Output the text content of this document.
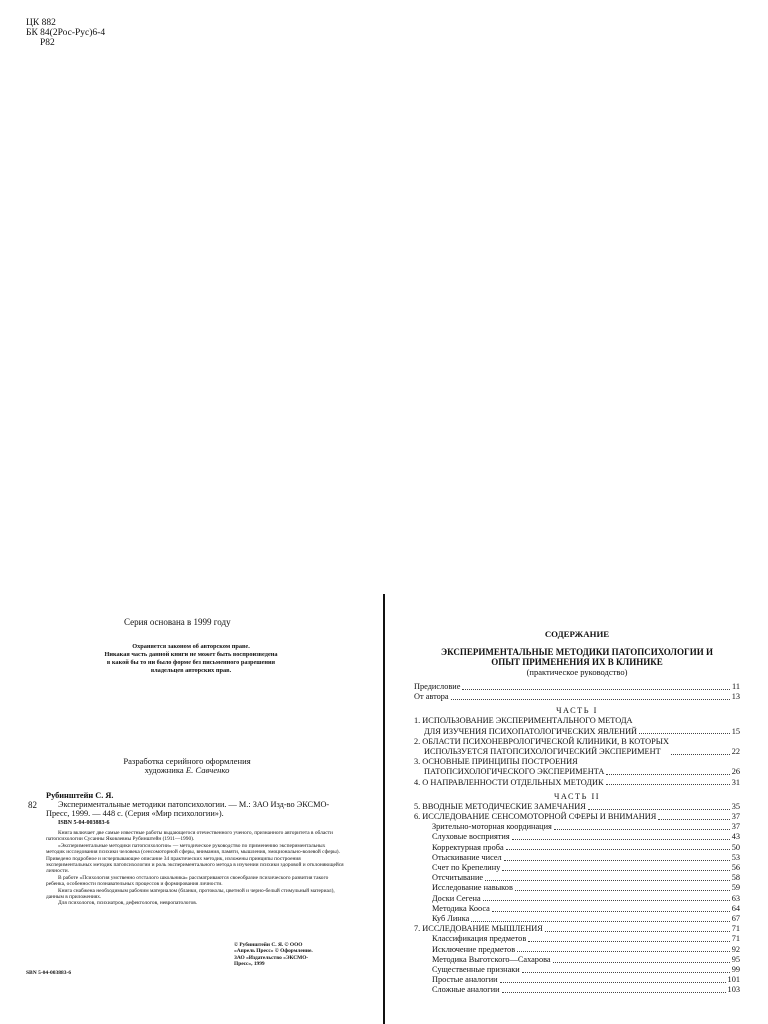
ЦК 882
БК 84(2Рос-Рус)6-4
Р82
Серия основана в 1999 году
Охраняется законом об авторском праве.
Никакая часть данной книги не может быть воспроизведена
в какой бы то ни было форме без письменного разрешения
владельцев авторских прав.
Разработка серийного оформления
художника Е. Савченко
82
Рубинштейн С. Я.
Экспериментальные методики патопсихологии. — М.: ЗАО Изд-во ЭКСМО-Пресс, 1999. — 448 с. (Серия «Мир психологии»).
ISBN 5-04-003883-6

Книга включает две самые известные работы выдающегося отечественного ученого, признанного авторитета в области патопсихологии Сусанны Яковлевны Рубинштейн (1911—1990).

«Экспериментальные методики патопсихологии» — методическое руководство по применению экспериментальных методик исследования психики человека (сенсомоторной сферы, внимания, памяти, мышления, эмоционально-волевой сферы). Приведено подробное и исчерпывающее описание 34 практических методик, изложены принципы построения экспериментальных методик патопсихологии и роль экспериментального метода в изучении психики здоровой и отклоняющейся личности.

В работе «Психология умственно отсталого школьника» рассматриваются своеобразие психического развития такого ребенка, особенности познавательных процессов и формирования личности.

Книга снабжена необходимым рабочим материалом (бланки, протоколы, цветной и черно-белый стимульный материал), данным в приложениях.

Для психологов, психиатров, дефектологов, невропатологов.

© Рубинштейн С. Я. © ООО
«Апрель Пресс» © Оформление.
ЗАО «Издательство «ЭКСМО-
Пресс», 1999
SBN 5-04-003883-6
СОДЕРЖАНИЕ
ЭКСПЕРИМЕНТАЛЬНЫЕ МЕТОДИКИ ПАТОПСИХОЛОГИИ И
ОПЫТ ПРИМЕНЕНИЯ ИХ В КЛИНИКЕ
(практическое руководство)
Предисловие	11
От автора	13
ЧАСТЬ I
1. ИСПОЛЬЗОВАНИЕ ЭКСПЕРИМЕНТАЛЬНОГО МЕТОДА
ДЛЯ ИЗУЧЕНИЯ ПСИХОПАТОЛОГИЧЕСКИХ ЯВЛЕНИЙ	15
2. ОБЛАСТИ ПСИХОНЕВРОЛОГИЧЕСКОЙ КЛИНИКИ, В КОТОРЫХ
ИСПОЛЬЗУЕТСЯ ПАТОПСИХОЛОГИЧЕСКИЙ ЭКСПЕРИМЕНТ	22
3. ОСНОВНЫЕ ПРИНЦИПЫ ПОСТРОЕНИЯ
ПАТОПСИХОЛОГИЧЕСКОГО ЭКСПЕРИМЕНТА	26
4. О НАПРАВЛЕННОСТИ ОТДЕЛЬНЫХ МЕТОДИК	31
ЧАСТЬ II
5. ВВОДНЫЕ МЕТОДИЧЕСКИЕ ЗАМЕЧАНИЯ	35
6. ИССЛЕДОВАНИЕ СЕНСОМОТОРНОЙ СФЕРЫ И ВНИМАНИЯ	37
Зрительно-моторная координация	37
Слуховые восприятия	43
Корректурная проба	50
Отыскивание чисел	53
Счет по Крепелину	56
Отсчитывание	58
Исследование навыков	59
Доски Сегена	63
Методика Кооса	64
Куб Линка	67
7. ИССЛЕДОВАНИЕ МЫШЛЕНИЯ	71
Классификация предметов	71
Исключение предметов	92
Методика Выготского—Сахарова	95
Существенные признаки	99
Простые аналогии	101
Сложные аналогии	103
